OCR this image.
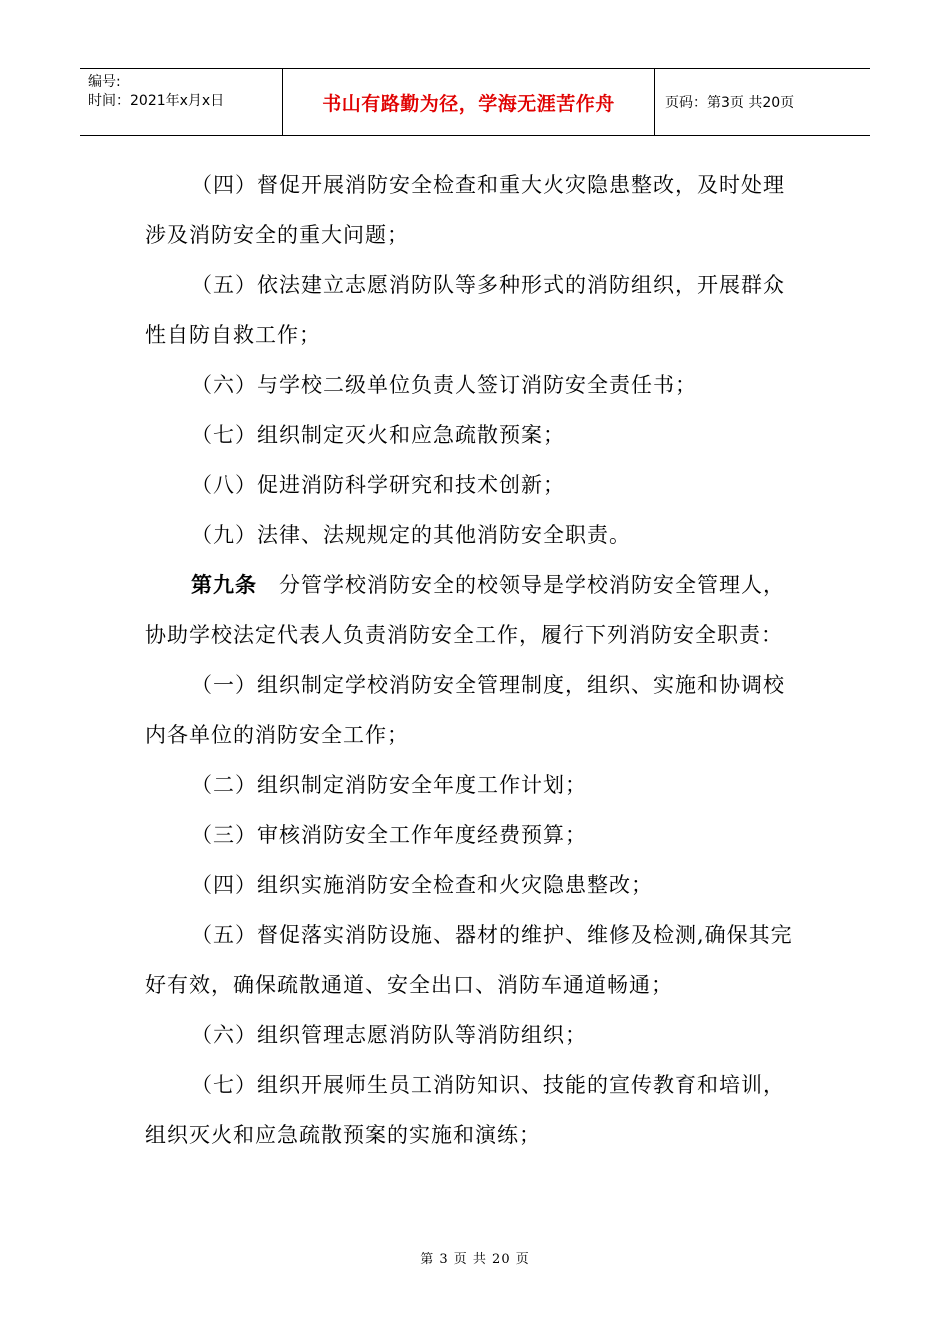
编号:
时间：2021年x月x日	书山有路勤为径，学海无涯苦作舟	页码：第3页 共20页

（四）督促开展消防安全检查和重大火灾隐患整改，及时处理涉及消防安全的重大问题；

（五）依法建立志愿消防队等多种形式的消防组织，开展群众性自防自救工作；

（六）与学校二级单位负责人签订消防安全责任书；

（七）组织制定灭火和应急疏散预案；

（八）促进消防科学研究和技术创新；

（九）法律、法规规定的其他消防安全职责。

第九条　分管学校消防安全的校领导是学校消防安全管理人，协助学校法定代表人负责消防安全工作，履行下列消防安全职责：

（一）组织制定学校消防安全管理制度，组织、实施和协调校内各单位的消防安全工作；

（二）组织制定消防安全年度工作计划；

（三）审核消防安全工作年度经费预算；

（四）组织实施消防安全检查和火灾隐患整改；

（五）督促落实消防设施、器材的维护、维修及检测,确保其完好有效，确保疏散通道、安全出口、消防车通道畅通；

（六）组织管理志愿消防队等消防组织；

（七）组织开展师生员工消防知识、技能的宣传教育和培训，组织灭火和应急疏散预案的实施和演练；

第 3 页 共 20 页
